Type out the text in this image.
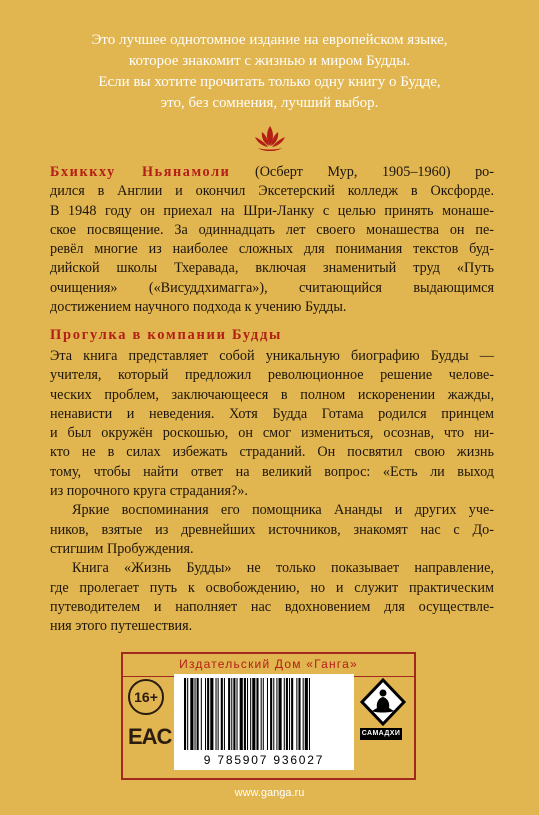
Это лучшее однотомное издание на европейском языке,
которое знакомит с жизнью и миром Будды.
Если вы хотите прочитать только одну книгу о Будде,
это, без сомнения, лучший выбор.
Бхиккху Ньянамоли (Осберт Мур, 1905–1960) ро-
дился в Англии и окончил Эксетерский колледж в Оксфорде.
В 1948 году он приехал на Шри-Ланку с целью принять монаше-
ское посвящение. За одиннадцать лет своего монашества он пе-
ревёл многие из наиболее сложных для понимания текстов буд-
дийской школы Тхеравада, включая знаменитый труд «Путь
очищения» («Висуддхимагга»), считающийся выдающимся
достижением научного подхода к учению Будды.
Прогулка в компании Будды
Эта книга представляет собой уникальную биографию Будды —
учителя, который предложил революционное решение челове-
ческих проблем, заключающееся в полном искоренении жажды,
ненависти и неведения. Хотя Будда Готама родился принцем
и был окружён роскошью, он смог измениться, осознав, что ни-
кто не в силах избежать страданий. Он посвятил свою жизнь
тому, чтобы найти ответ на великий вопрос: «Есть ли выход
из порочного круга страдания?».
Яркие воспоминания его помощника Ананды и других уче-
ников, взятые из древнейших источников, знакомят нас с До-
стигшим Пробуждения.
Книга «Жизнь Будды» не только показывает направление,
где пролегает путь к освобождению, но и служит практическим
путеводителем и наполняет нас вдохновением для осуществле-
ния этого путешествия.
Издательский Дом «Ганга»
16+
EAC
9 785907 936027
САМАДХИ
www.ganga.ru
